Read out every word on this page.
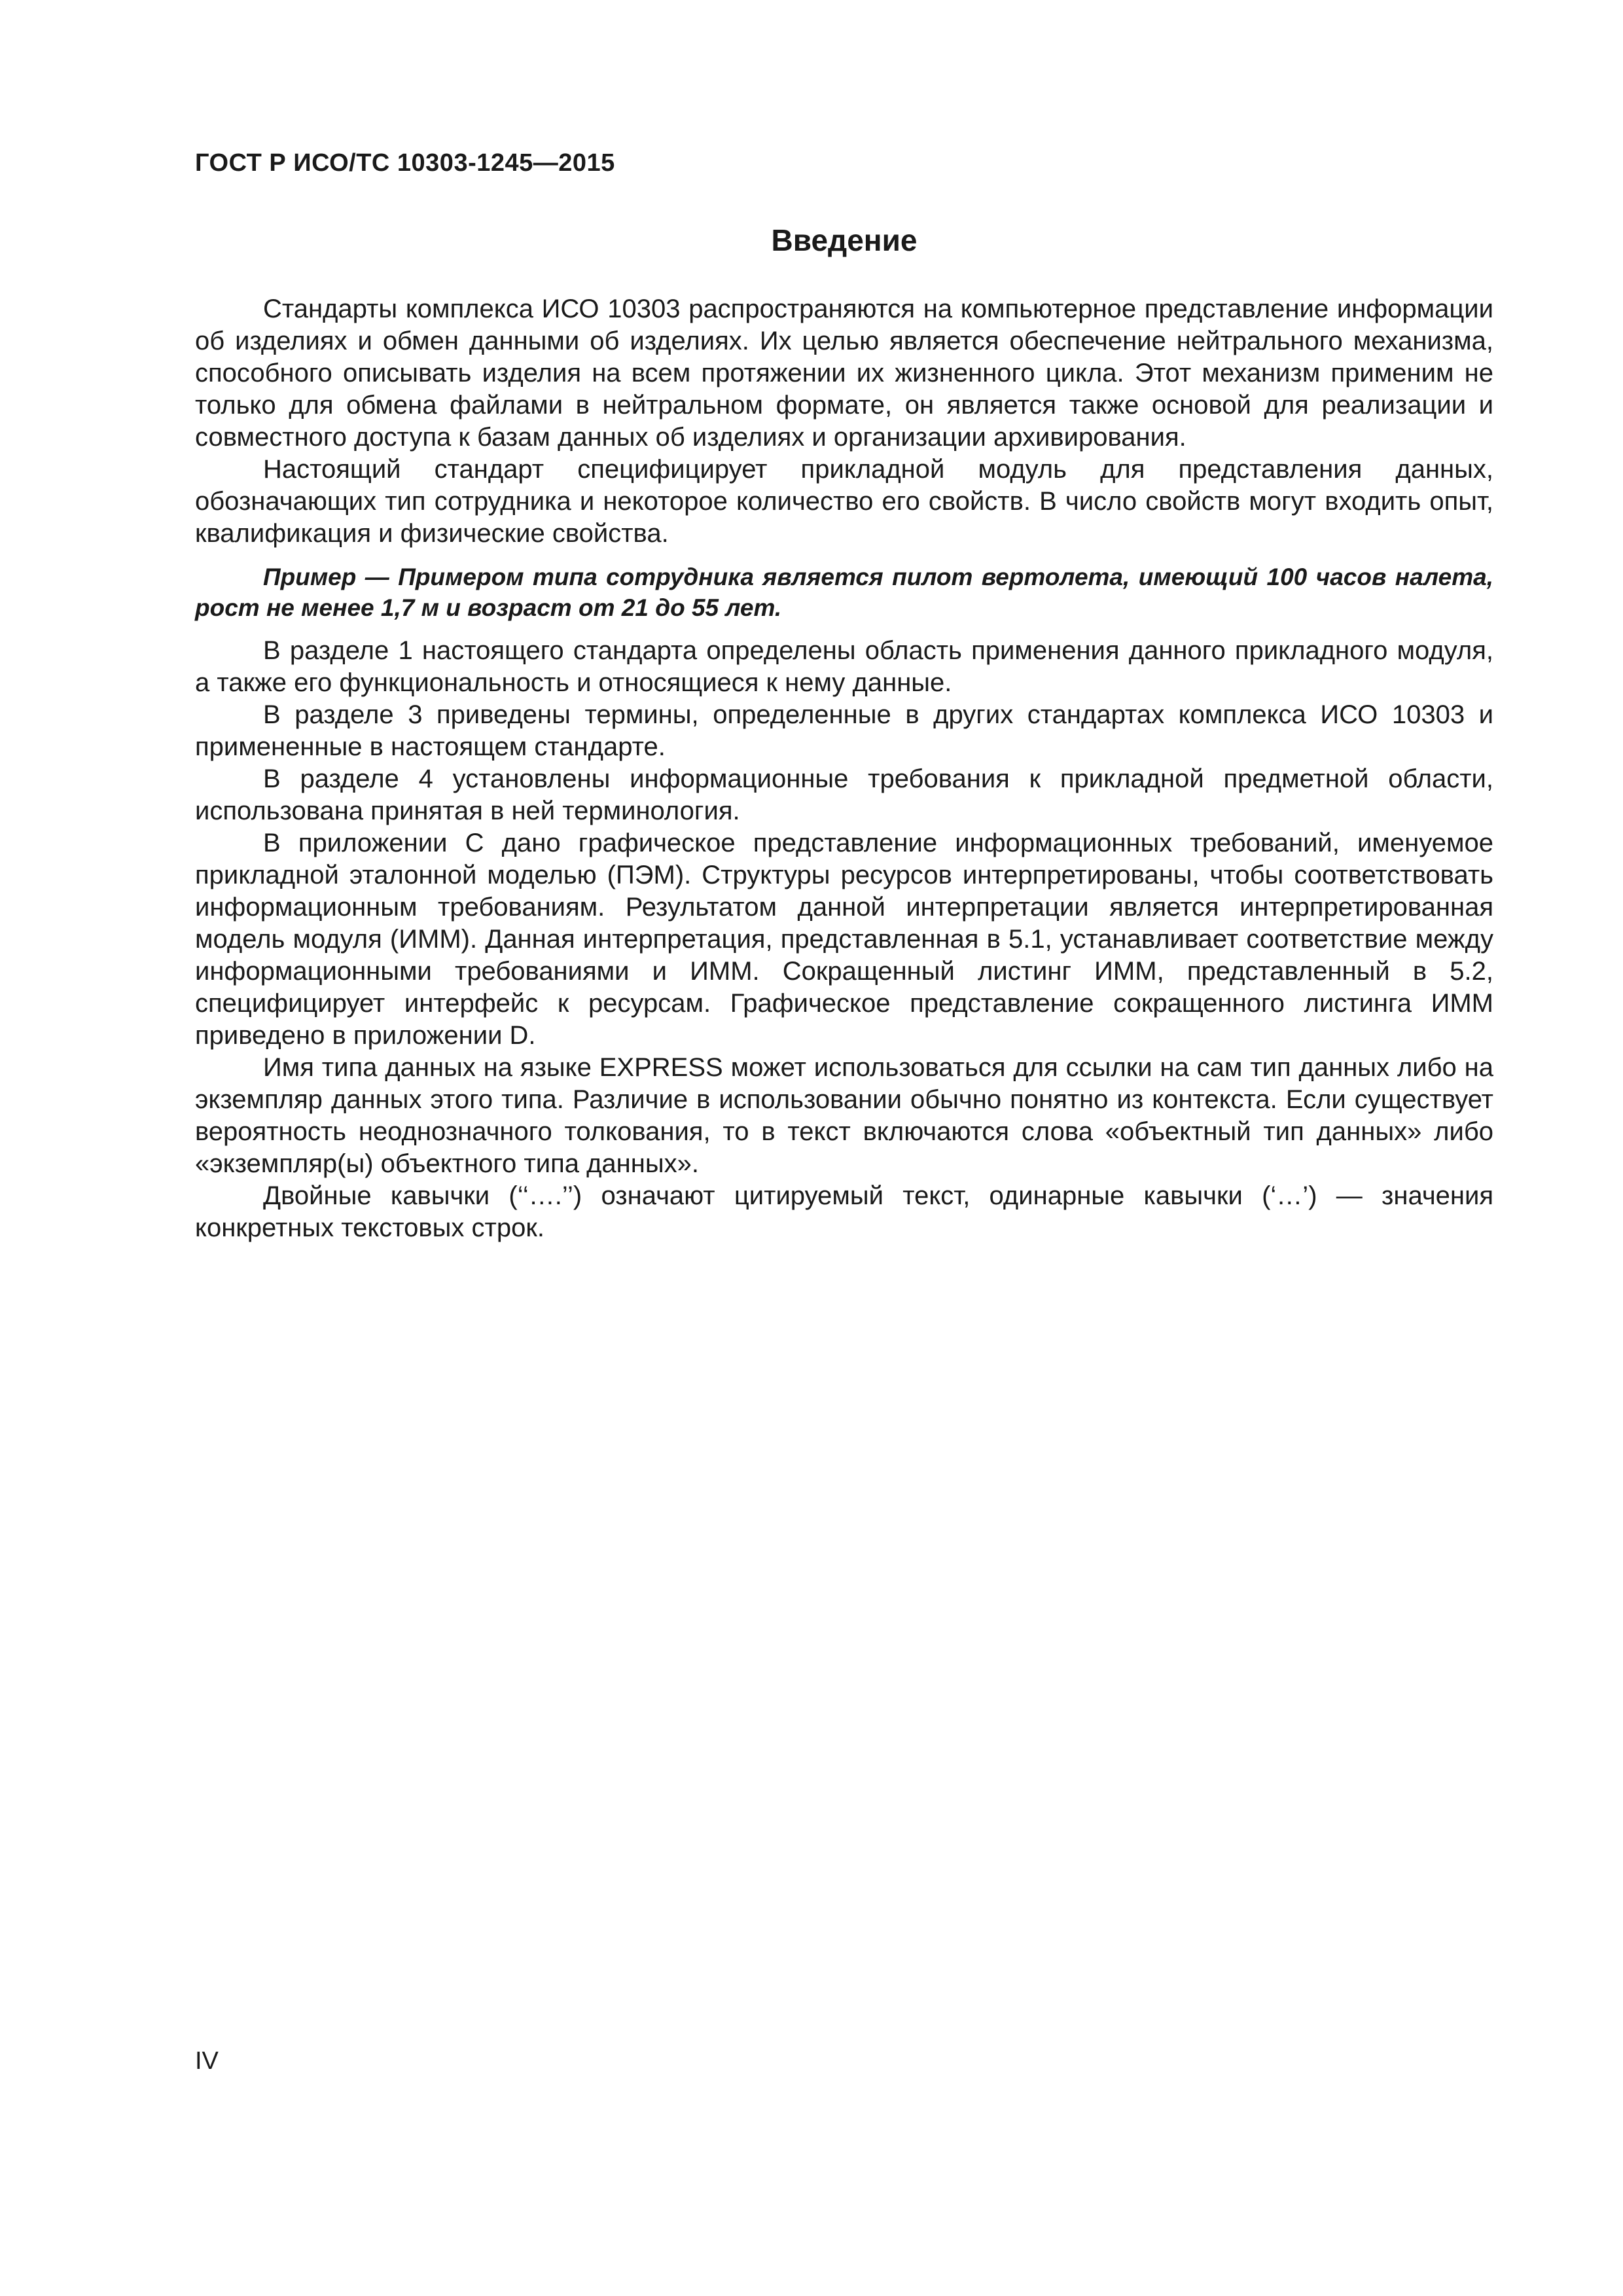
ГОСТ Р ИСО/ТС 10303-1245—2015
Введение

Стандарты комплекса ИСО 10303 распространяются на компьютерное представление информации об изделиях и обмен данными об изделиях. Их целью является обеспечение нейтрального механизма, способного описывать изделия на всем протяжении их жизненного цикла. Этот механизм применим не только для обмена файлами в нейтральном формате, он является также основой для реализации и совместного доступа к базам данных об изделиях и организации архивирования.

Настоящий стандарт специфицирует прикладной модуль для представления данных, обозначающих тип сотрудника и некоторое количество его свойств. В число свойств могут входить опыт, квалификация и физические свойства.

Пример — Примером типа сотрудника является пилот вертолета, имеющий 100 часов налета, рост не менее 1,7 м и возраст от 21 до 55 лет.

В разделе 1 настоящего стандарта определены область применения данного прикладного модуля, а также его функциональность и относящиеся к нему данные.

В разделе 3 приведены термины, определенные в других стандартах комплекса ИСО 10303 и примененные в настоящем стандарте.

В разделе 4 установлены информационные требования к прикладной предметной области, использована принятая в ней терминология.

В приложении С дано графическое представление информационных требований, именуемое прикладной эталонной моделью (ПЭМ). Структуры ресурсов интерпретированы, чтобы соответствовать информационным требованиям. Результатом данной интерпретации является интерпретированная модель модуля (ИММ). Данная интерпретация, представленная в 5.1, устанавливает соответствие между информационными требованиями и ИММ. Сокращенный листинг ИММ, представленный в 5.2, специфицирует интерфейс к ресурсам. Графическое представление сокращенного листинга ИММ приведено в приложении D.

Имя типа данных на языке EXPRESS может использоваться для ссылки на сам тип данных либо на экземпляр данных этого типа. Различие в использовании обычно понятно из контекста. Если существует вероятность неоднозначного толкования, то в текст включаются слова «объектный тип данных» либо «экземпляр(ы) объектного типа данных».

Двойные кавычки (‘‘….’’) означают цитируемый текст, одинарные кавычки (‘…’) — значения конкретных текстовых строк.

IV
